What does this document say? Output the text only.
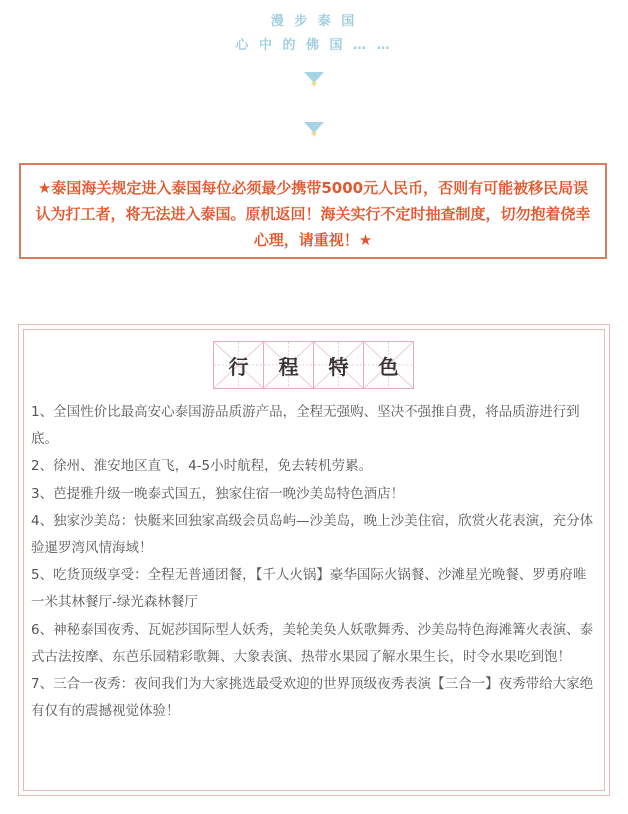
漫 步 泰 国
心 中 的 佛 国 … …
★泰国海关规定进入泰国每位必须最少携带5000元人民币，否则有可能被移民局误认为打工者，将无法进入泰国。原机返回！海关实行不定时抽查制度，切勿抱着侥幸心理，请重视！★
行 程 特 色

1、全国性价比最高安心泰国游品质游产品，全程无强购、坚决不强推自费，将品质游进行到底。

2、徐州、淮安地区直飞，4-5小时航程，免去转机劳累。

3、芭提雅升级一晚泰式国五，独家住宿一晚沙美岛特色酒店！

4、独家沙美岛：快艇来回独家高级会员岛屿—沙美岛，晚上沙美住宿，欣赏火花表演，充分体验暹罗湾风情海域！

5、吃货顶级享受：全程无普通团餐，【千人火锅】豪华国际火锅餐、沙滩星光晚餐、罗勇府唯一米其林餐厅-绿光森林餐厅

6、神秘泰国夜秀、瓦妮莎国际型人妖秀，美轮美奂人妖歌舞秀、沙美岛特色海滩篝火表演、泰式古法按摩、东芭乐园精彩歌舞、大象表演、热带水果园了解水果生长，时令水果吃到饱！

7、三合一夜秀：夜间我们为大家挑选最受欢迎的世界顶级夜秀表演【三合一】夜秀带给大家绝有仅有的震撼视觉体验！
